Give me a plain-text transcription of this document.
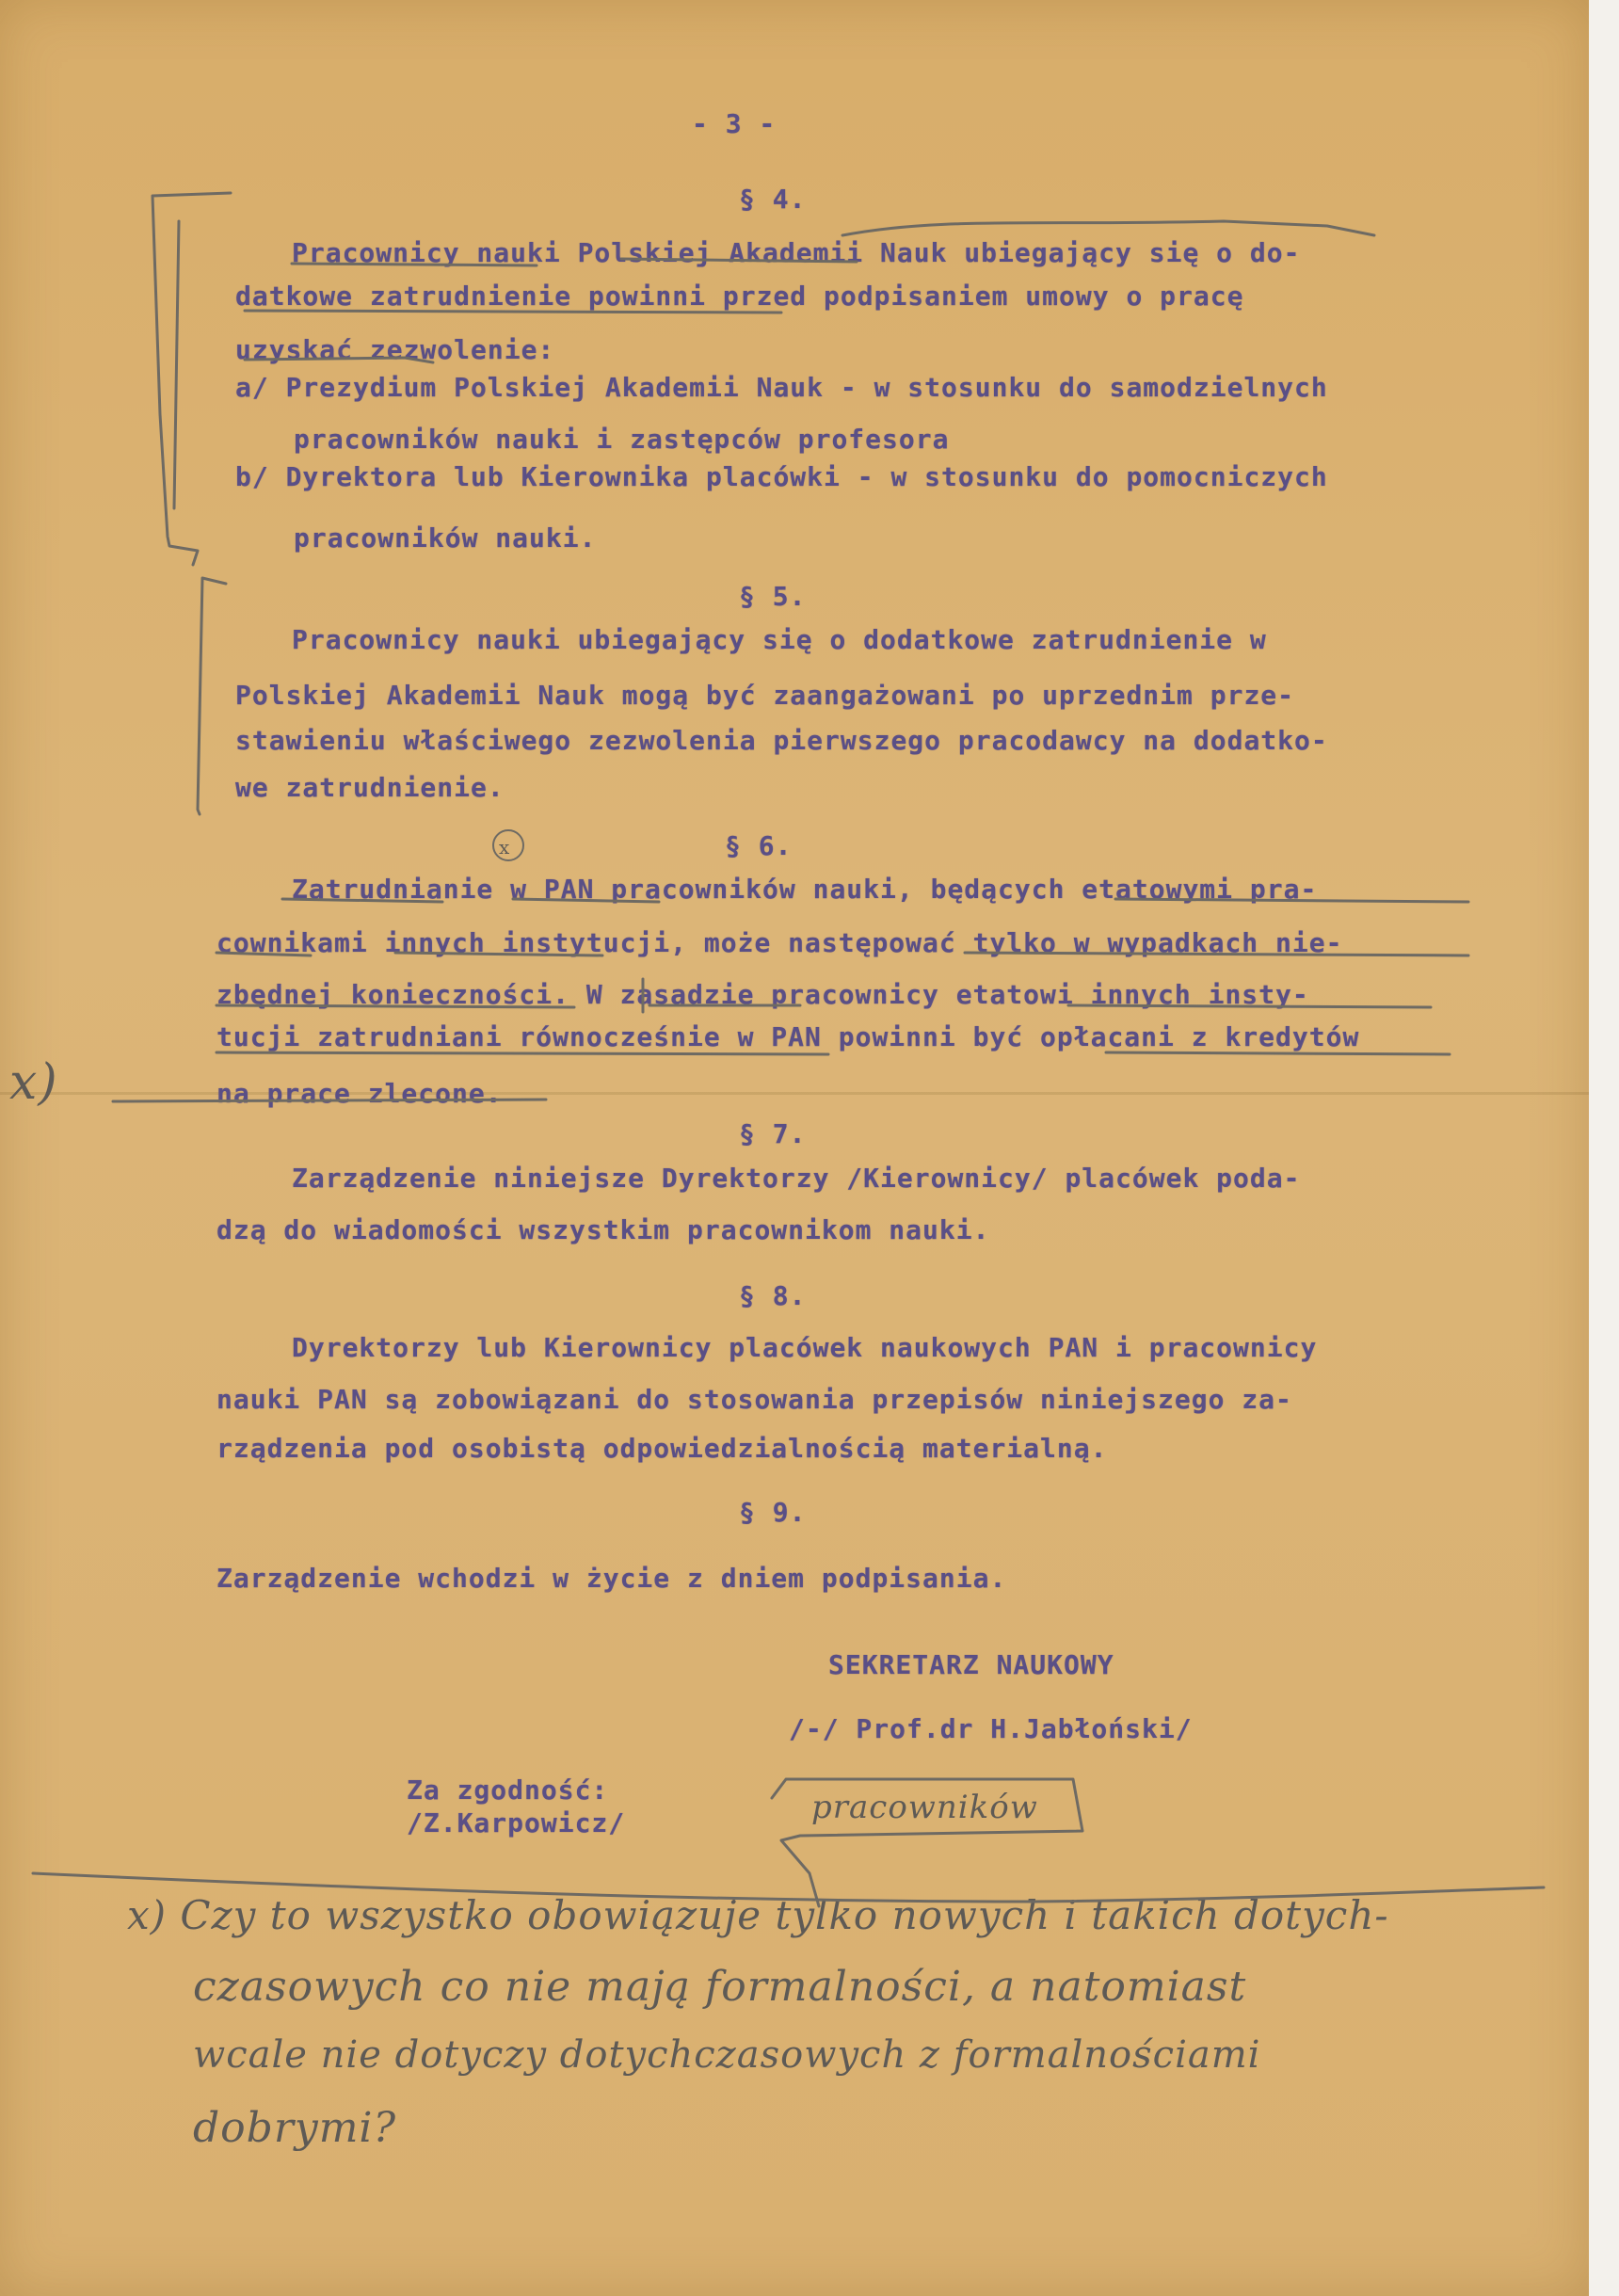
- 3 -
§ 4.
Pracownicy nauki Polskiej Akademii Nauk ubiegający się o do-
datkowe zatrudnienie powinni przed podpisaniem umowy o pracę
uzyskać zezwolenie:
a/ Prezydium Polskiej Akademii Nauk - w stosunku do samodzielnych
pracowników nauki i zastępców profesora
b/ Dyrektora lub Kierownika placówki - w stosunku do pomocniczych
pracowników nauki.
§ 5.
Pracownicy nauki ubiegający się o dodatkowe zatrudnienie w
Polskiej Akademii Nauk mogą być zaangażowani po uprzednim prze-
stawieniu właściwego zezwolenia pierwszego pracodawcy na dodatko-
we zatrudnienie.
§ 6.
Zatrudnianie w PAN pracowników nauki, będących etatowymi pra-
cownikami innych instytucji, może następować tylko w wypadkach nie-
zbędnej konieczności. W zasadzie pracownicy etatowi innych insty-
tucji zatrudniani równocześnie w PAN powinni być opłacani z kredytów
na prace zlecone.
§ 7.
Zarządzenie niniejsze Dyrektorzy /Kierownicy/ placówek poda-
dzą do wiadomości wszystkim pracownikom nauki.
§ 8.
Dyrektorzy lub Kierownicy placówek naukowych PAN i pracownicy
nauki PAN są zobowiązani do stosowania przepisów niniejszego za-
rządzenia pod osobistą odpowiedzialnością materialną.
§ 9.
Zarządzenie wchodzi w życie z dniem podpisania.
SEKRETARZ NAUKOWY
/-/ Prof.dr H.Jabłoński/
Za zgodność:
/Z.Karpowicz/
x)
x
pracowników
x) Czy to wszystko obowiązuje tylko nowych i takich dotych-
czasowych co nie mają formalności, a natomiast
wcale nie dotyczy dotychczasowych z formalnościami
dobrymi?
